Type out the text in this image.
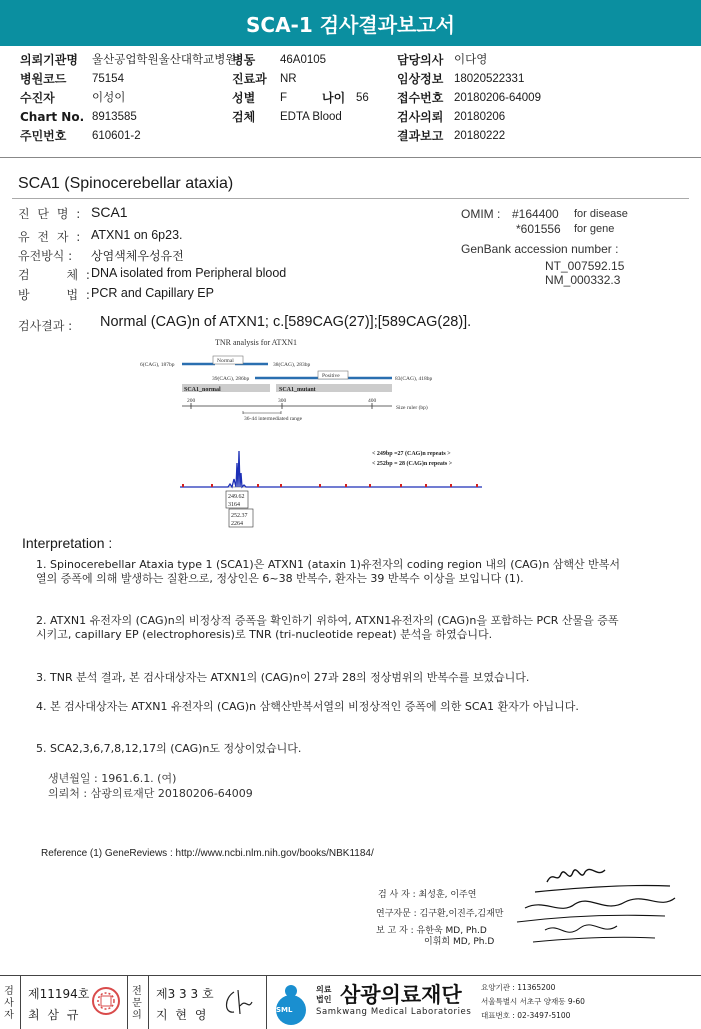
SCA-1 검사결과보고서
의뢰기관명 울산공업학원울산대학교병원
병원코드 75154
수진자	이성이
Chart No. 8913585
주민번호 610601-2
병동 46A0105
진료과 NR
성별 F	나이 56
검체 EDTA Blood
담당의사 이다영
임상정보 18020522331
접수번호 20180206-64009
검사의뢰 20180206
결과보고 20180222
SCA1 (Spinocerebellar ataxia)
진 단 명 : SCA1
유 전 자 : ATXN1 on 6p23.
유전방식 : 상염색체우성유전
검      체 : DNA isolated from Peripheral blood
방      법 : PCR and Capillary EP
OMIM : #164400 for disease
*601556 for gene
GenBank accession number :
NT_007592.15
NM_000332.3
검사결과 : Normal (CAG)n of ATXN1; c.[589CAG(27)];[589CAG(28)].
TNR analysis for ATXN1
6(CAG), 187bp
Normal
38(CAG), 283bp
39(CAG), 286bp	Positive	83(CAG), 418bp
SCA1_normal	SCA1_mutant
200	300	400
Size ruler (bp)
36-44 intermediated range
< 249bp =27 (CAG)n repeats >
< 252bp = 28 (CAG)n repeats >
249.62
3164
252.37
2264
Interpretation :
1. Spinocerebellar Ataxia type 1 (SCA1)은 ATXN1 (ataxin 1)유전자의 coding region 내의 (CAG)n 삼핵산 반복서열의 증폭에 의해 발생하는 질환으로, 정상인은 6~38 반복수, 환자는 39 반복수 이상을 보입니다 (1).
2. ATXN1 유전자의 (CAG)n의 비정상적 증폭을 확인하기 위하여, ATXN1유전자의 (CAG)n을 포함하는 PCR 산물을 증폭시키고, capillary EP (electrophoresis)로 TNR (tri-nucleotide repeat) 분석을 하였습니다.
3. TNR 분석 결과, 본 검사대상자는 ATXN1의 (CAG)n이 27과 28의 정상범위의 반복수를 보였습니다.
4. 본 검사대상자는 ATXN1 유전자의 (CAG)n 삼핵산반복서열의 비정상적인 증폭에 의한 SCA1 환자가 아닙니다.
5. SCA2,3,6,7,8,12,17의 (CAG)n도 정상이었습니다.
생년월일 : 1961.6.1. (여)
의뢰처 : 삼광의료재단 20180206-64009
Reference (1) GeneReviews : http://www.ncbi.nlm.nih.gov/books/NBK1184/
검 사 자 : 최성훈, 이주연
연구자문 : 김구환,이진주,김재만
보 고 자 : 유한욱 MD, Ph.D
이휘희 MD, Ph.D
검사자
제11194호
최 삼 규
전문의
제3 3 3 호
지 현 영	SML
의료법인 삼광의료재단
Samkwang Medical Laboratories
요양기관 : 11365200
서울특별시 서초구 양재동 9-60
대표번호 : 02-3497-5100
